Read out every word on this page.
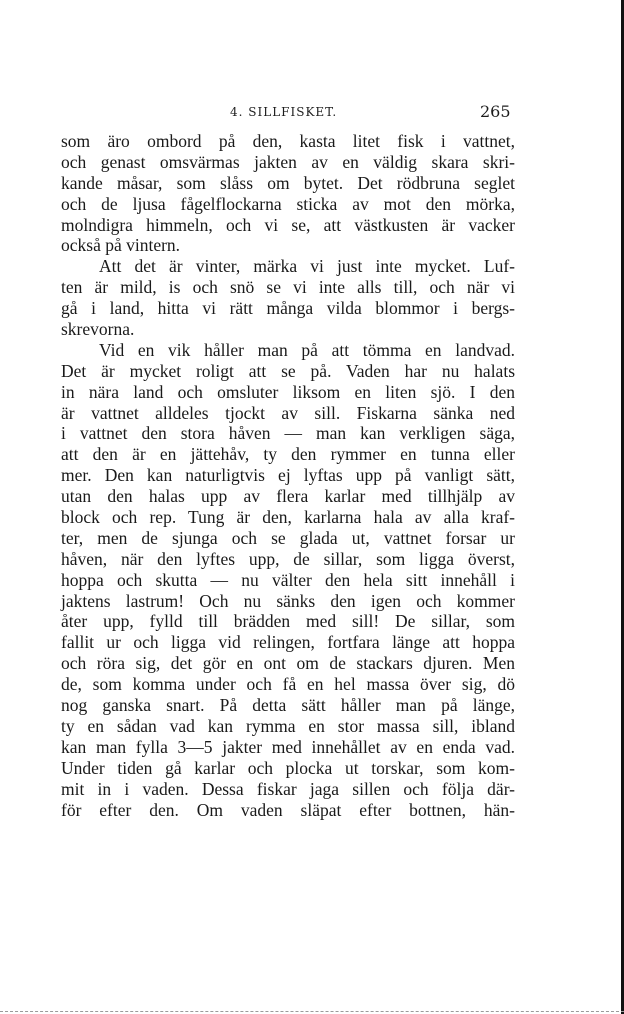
4. SILLFISKET.	265
som äro ombord på den, kasta litet fisk i vattnet,
och genast omsvärmas jakten av en väldig skara skri-
kande måsar, som slåss om bytet. Det rödbruna seglet
och de ljusa fågelflockarna sticka av mot den mörka,
molndigra himmeln, och vi se, att västkusten är vacker
också på vintern.
Att det är vinter, märka vi just inte mycket. Luf-
ten är mild, is och snö se vi inte alls till, och när vi
gå i land, hitta vi rätt många vilda blommor i bergs-
skrevorna.
Vid en vik håller man på att tömma en landvad.
Det är mycket roligt att se på. Vaden har nu halats
in nära land och omsluter liksom en liten sjö. I den
är vattnet alldeles tjockt av sill. Fiskarna sänka ned
i vattnet den stora håven — man kan verkligen säga,
att den är en jättehåv, ty den rymmer en tunna eller
mer. Den kan naturligtvis ej lyftas upp på vanligt sätt,
utan den halas upp av flera karlar med tillhjälp av
block och rep. Tung är den, karlarna hala av alla kraf-
ter, men de sjunga och se glada ut, vattnet forsar ur
håven, när den lyftes upp, de sillar, som ligga överst,
hoppa och skutta — nu välter den hela sitt innehåll i
jaktens lastrum! Och nu sänks den igen och kommer
åter upp, fylld till brädden med sill! De sillar, som
fallit ur och ligga vid relingen, fortfara länge att hoppa
och röra sig, det gör en ont om de stackars djuren. Men
de, som komma under och få en hel massa över sig, dö
nog ganska snart. På detta sätt håller man på länge,
ty en sådan vad kan rymma en stor massa sill, ibland
kan man fylla 3—5 jakter med innehållet av en enda vad.
Under tiden gå karlar och plocka ut torskar, som kom-
mit in i vaden. Dessa fiskar jaga sillen och följa där-
för efter den. Om vaden släpat efter bottnen, hän-
